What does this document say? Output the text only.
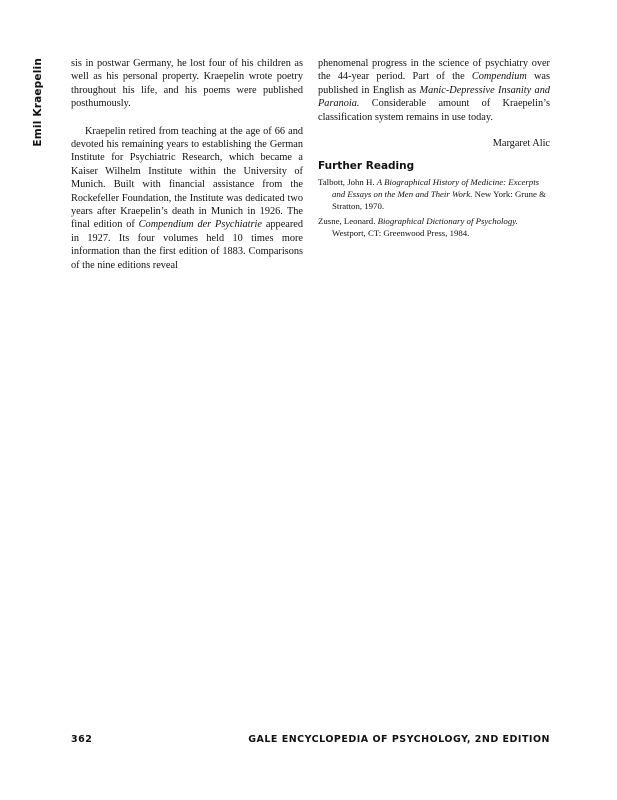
Emil Kraepelin	sis in postwar Germany, he lost four of his children as well as his personal property. Kraepelin wrote poetry throughout his life, and his poems were published posthumously.

Kraepelin retired from teaching at the age of 66 and devoted his remaining years to establishing the German Institute for Psychiatric Research, which became a Kaiser Wilhelm Institute within the University of Munich. Built with financial assistance from the Rockefeller Foundation, the Institute was dedicated two years after Kraepelin’s death in Munich in 1926. The final edition of Compendium der Psychiatrie appeared in 1927. Its four volumes held 10 times more information than the first edition of 1883. Comparisons of the nine editions reveal

phenomenal progress in the science of psychiatry over the 44-year period. Part of the Compendium was published in English as Manic-Depressive Insanity and Paranoia. Considerable amount of Kraepelin’s classification system remains in use today.

Margaret Alic

Further Reading

Talbott, John H. A Biographical History of Medicine: Excerpts and Essays on the Men and Their Work. New York: Grune & Stratton, 1970.

Zusne, Leonard. Biographical Dictionary of Psychology. Westport, CT: Greenwood Press, 1984.

362	GALE ENCYCLOPEDIA OF PSYCHOLOGY, 2ND EDITION
